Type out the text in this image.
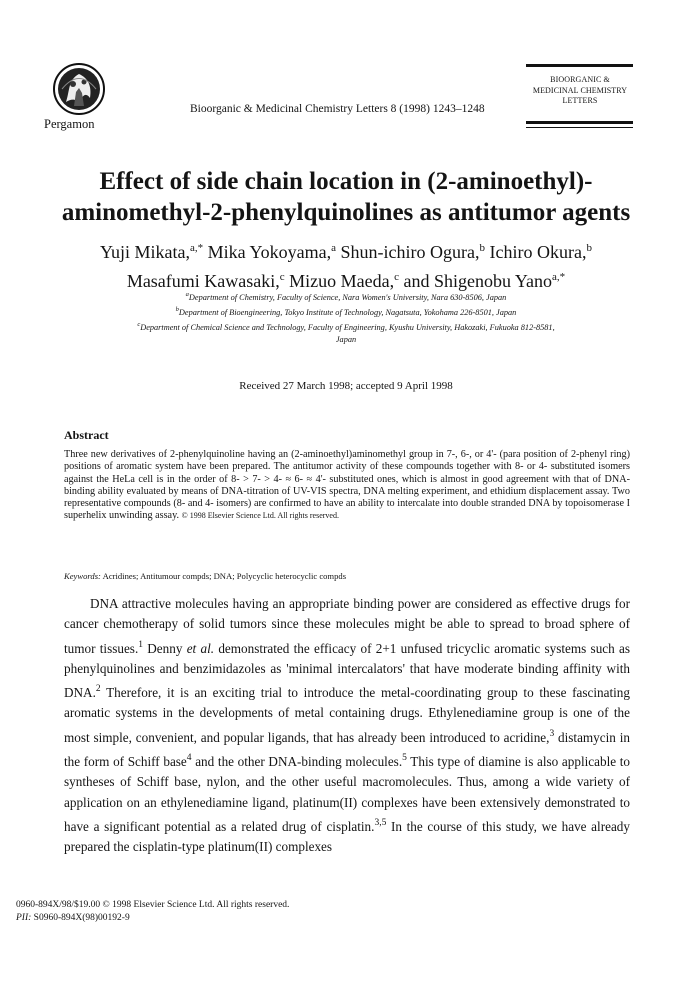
Pergamon
Bioorganic & Medicinal Chemistry Letters 8 (1998) 1243–1248
BIOORGANIC &
MEDICINAL CHEMISTRY
LETTERS
Effect of side chain location in (2-aminoethyl)-
aminomethyl-2-phenylquinolines as antitumor agents
Yuji Mikata,$^{a,*}$ Mika Yokoyama,$^a$ Shun-ichiro Ogura,$^b$ Ichiro Okura,$^b$
Masafumi Kawasaki,$^c$ Mizuo Maeda,$^c$ and Shigenobu Yano$^{a,*}$
$^a$Department of Chemistry, Faculty of Science, Nara Women's University, Nara 630-8506, Japan
$^b$Department of Bioengineering, Tokyo Institute of Technology, Nagatsuta, Yokohama 226-8501, Japan
$^c$Department of Chemical Science and Technology, Faculty of Engineering, Kyushu University, Hakozaki, Fukuoka 812-8581,
Japan
Received 27 March 1998; accepted 9 April 1998
Abstract
Three new derivatives of 2-phenylquinoline having an (2-aminoethyl)aminomethyl group in 7-, 6-, or 4'- (para position of 2-phenyl ring) positions of aromatic system have been prepared. The antitumor activity of these compounds together with 8- or 4- substituted isomers against the HeLa cell is in the order of 8- > 7- > 4- ≈ 6- ≈ 4'- substituted ones, which is almost in good agreement with that of DNA-binding ability evaluated by means of DNA-titration of UV-VIS spectra, DNA melting experiment, and ethidium displacement assay. Two representative compounds (8- and 4- isomers) are confirmed to have an ability to intercalate into double stranded DNA by topoisomerase I superhelix unwinding assay. © 1998 Elsevier Science Ltd. All rights reserved.
Keywords: Acridines; Antitumour compds; DNA; Polycyclic heterocyclic compds

DNA attractive molecules having an appropriate binding power are considered as effective drugs for cancer chemotherapy of solid tumors since these molecules might be able to spread to broad sphere of tumor tissues.$^1$ Denny et al. demonstrated the efficacy of 2+1 unfused tricyclic aromatic systems such as phenylquinolines and benzimidazoles as 'minimal intercalators' that have moderate binding affinity with DNA.$^2$ Therefore, it is an exciting trial to introduce the metal-coordinating group to these fascinating aromatic systems in the developments of metal containing drugs. Ethylenediamine group is one of the most simple, convenient, and popular ligands, that has already been introduced to acridine,$^3$ distamycin in the form of Schiff base$^4$ and the other DNA-binding molecules.$^5$ This type of diamine is also applicable to syntheses of Schiff base, nylon, and the other useful macromolecules. Thus, among a wide variety of application on an ethylenediamine ligand, platinum(II) complexes have been extensively demonstrated to have a significant potential as a related drug of cisplatin.$^{3,5}$ In the course of this study, we have already prepared the cisplatin-type platinum(II) complexes

0960-894X/98/$19.00 © 1998 Elsevier Science Ltd. All rights reserved.
PII: S0960-894X(98)00192-9
